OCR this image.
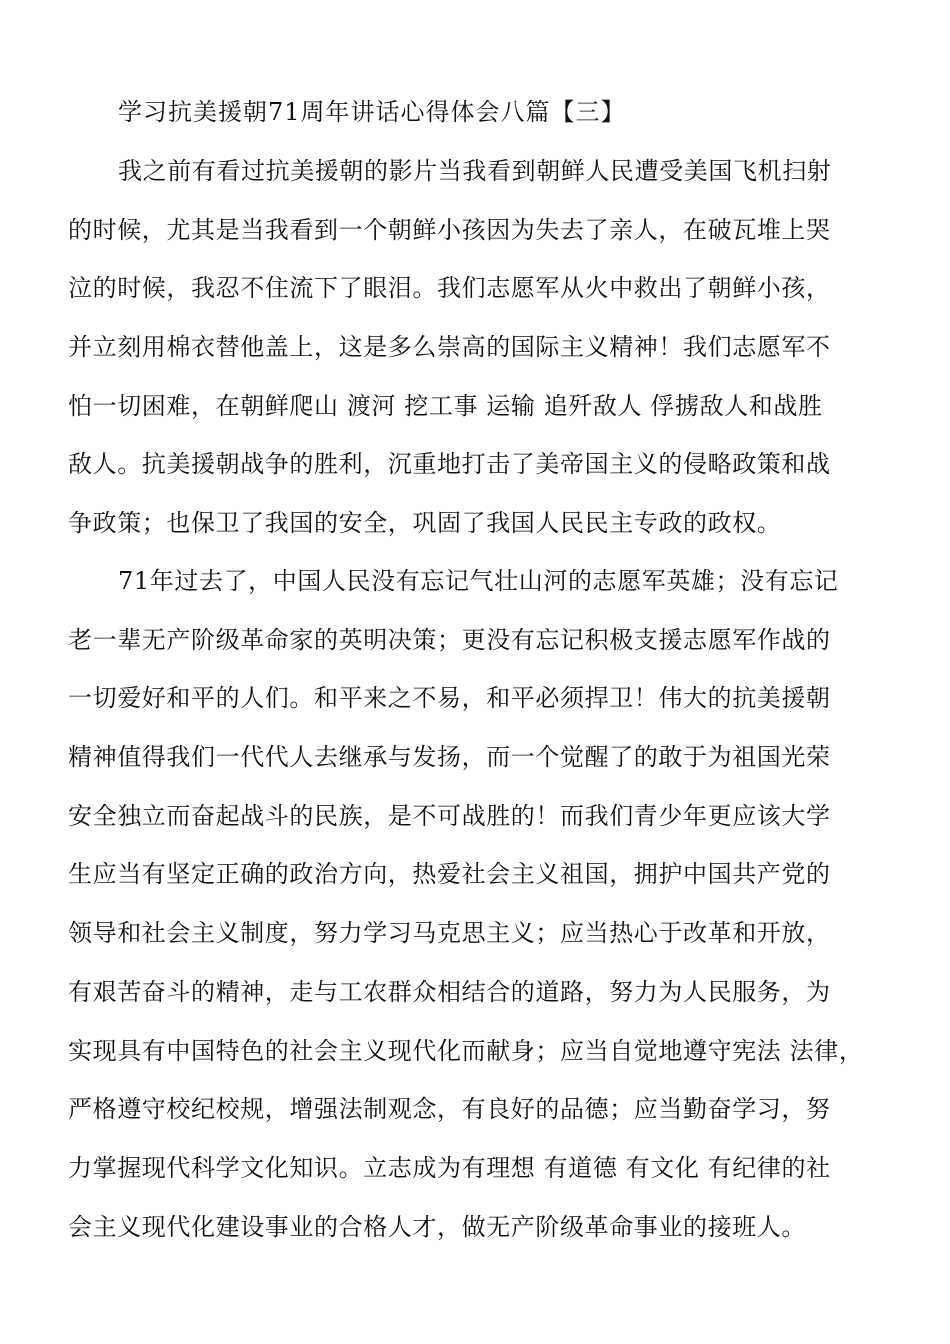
学习抗美援朝71周年讲话心得体会八篇【三】
我之前有看过抗美援朝的影片当我看到朝鲜人民遭受美国飞机扫射
的时候，尤其是当我看到一个朝鲜小孩因为失去了亲人，在破瓦堆上哭
泣的时候，我忍不住流下了眼泪。我们志愿军从火中救出了朝鲜小孩，
并立刻用棉衣替他盖上，这是多么崇高的国际主义精神！我们志愿军不
怕一切困难，在朝鲜爬山 渡河 挖工事 运输 追歼敌人 俘掳敌人和战胜
敌人。抗美援朝战争的胜利，沉重地打击了美帝国主义的侵略政策和战
争政策；也保卫了我国的安全，巩固了我国人民民主专政的政权。
71年过去了，中国人民没有忘记气壮山河的志愿军英雄；没有忘记
老一辈无产阶级革命家的英明决策；更没有忘记积极支援志愿军作战的
一切爱好和平的人们。和平来之不易，和平必须捍卫！伟大的抗美援朝
精神值得我们一代代人去继承与发扬，而一个觉醒了的敢于为祖国光荣
安全独立而奋起战斗的民族，是不可战胜的！而我们青少年更应该大学
生应当有坚定正确的政治方向，热爱社会主义祖国，拥护中国共产党的
领导和社会主义制度，努力学习马克思主义；应当热心于改革和开放，
有艰苦奋斗的精神，走与工农群众相结合的道路，努力为人民服务，为
实现具有中国特色的社会主义现代化而献身；应当自觉地遵守宪法 法律，
严格遵守校纪校规，增强法制观念，有良好的品德；应当勤奋学习，努
力掌握现代科学文化知识。立志成为有理想 有道德 有文化 有纪律的社
会主义现代化建设事业的合格人才，做无产阶级革命事业的接班人。
